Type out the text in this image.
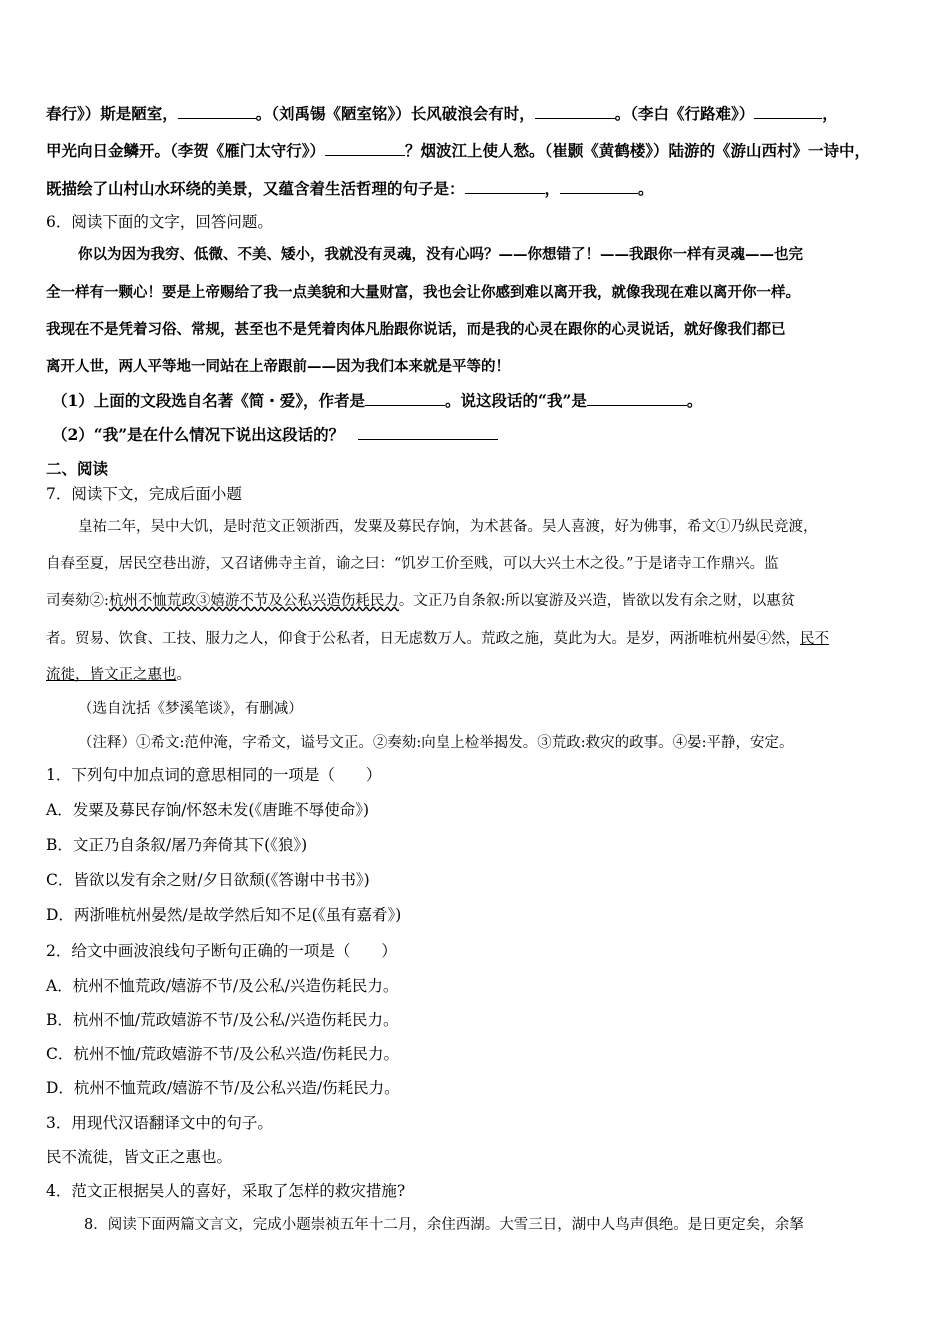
春行》）斯是陋室，	。（刘禹锡《陋室铭》）长风破浪会有时，	。（李白《行路难》）	，
甲光向日金鳞开。（李贺《雁门太守行》）	？烟波江上使人愁。（崔颢《黄鹤楼》）陆游的《游山西村》一诗中，
既描绘了山村山水环绕的美景，又蕴含着生活哲理的句子是：	，	。
6．阅读下面的文字，回答问题。
你以为因为我穷、低微、不美、矮小，我就没有灵魂，没有心吗？——你想错了！——我跟你一样有灵魂——也完
全一样有一颗心！要是上帝赐给了我一点美貌和大量财富，我也会让你感到难以离开我，就像我现在难以离开你一样。
我现在不是凭着习俗、常规，甚至也不是凭着肉体凡胎跟你说话，而是我的心灵在跟你的心灵说话，就好像我们都已
离开人世，两人平等地一同站在上帝跟前——因为我们本来就是平等的！
（1）上面的文段选自名著《简・爱》，作者是	。说这段话的“我”是	。
（2）“我”是在什么情况下说出这段话的？
二、阅读
7．阅读下文，完成后面小题
皇祐二年，吴中大饥，是时范文正领浙西，发粟及募民存饷，为术甚备。吴人喜渡，好为佛事，希文①乃纵民竞渡，
自春至夏，居民空巷出游，又召诸佛寺主首，谕之曰：“饥岁工价至贱，可以大兴土木之役。”于是诸寺工作鼎兴。监
司奏劾②:杭州不恤荒政③嬉游不节及公私兴造伤耗民力。文正乃自条叙:所以宴游及兴造，皆欲以发有余之财，以惠贫
者。贸易、饮食、工技、服力之人，仰食于公私者，日无虑数万人。荒政之施，莫此为大。是岁，两浙唯杭州晏④然，民不
流徙，皆文正之惠也。
（选自沈括《梦溪笔谈》，有删减）
（注释）①希文:范仲淹，字希文，谥号文正。②奏劾:向皇上检举揭发。③荒政:救灾的政事。④晏:平静，安定。
1．下列句中加点词的意思相同的一项是（　　）
A．发粟及募民存饷/怀怒未发(《唐雎不辱使命》)
B．文正乃自条叙/屠乃奔倚其下(《狼》)
C．皆欲以发有余之财/夕日欲颓(《答谢中书书》)
D．两浙唯杭州晏然/是故学然后知不足(《虽有嘉肴》)
2．给文中画波浪线句子断句正确的一项是（　　）
A．杭州不恤荒政/嬉游不节/及公私/兴造伤耗民力。
B．杭州不恤/荒政嬉游不节/及公私/兴造伤耗民力。
C．杭州不恤/荒政嬉游不节/及公私兴造/伤耗民力。
D．杭州不恤荒政/嬉游不节/及公私兴造/伤耗民力。
3．用现代汉语翻译文中的句子。
民不流徙，皆文正之惠也。
4．范文正根据吴人的喜好，采取了怎样的救灾措施?
8．阅读下面两篇文言文，完成小题崇祯五年十二月，余住西湖。大雪三日，湖中人鸟声俱绝。是日更定矣，余拏
